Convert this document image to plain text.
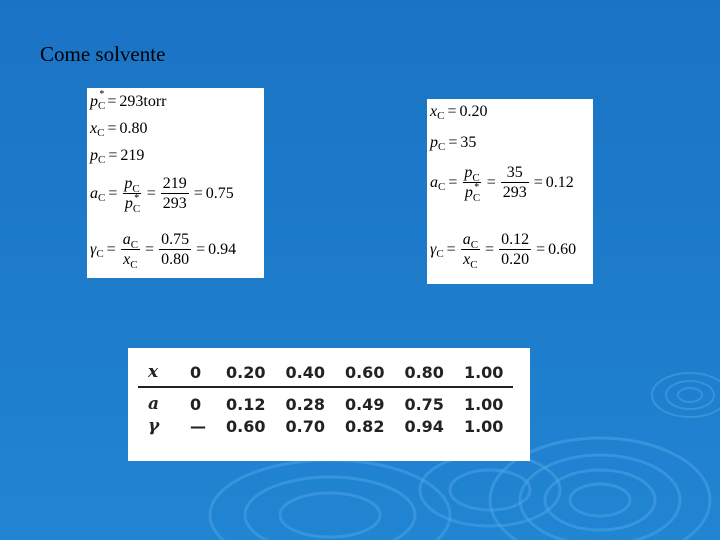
Come solvente
p C
* = 293torr
x C = 0.80
p C = 219
a $C = \frac{p_C}{p_C^*} = \frac{219}{293} = 0.75$
γ $C = \frac{a_C}{x_C} = \frac{0.75}{0.80} = 0.94$
x C = 0.20
p C = 35
a $C = \frac{p_C}{p_C^*} = \frac{35}{293} = 0.12$
γ $C = \frac{a_C}{x_C} = \frac{0.12}{0.20} = 0.60$
x	0	0.20	0.40	0.60	0.80	1.00
a	0	0.12	0.28	0.49	0.75	1.00
γ	—	0.60	0.70	0.82	0.94	1.00
